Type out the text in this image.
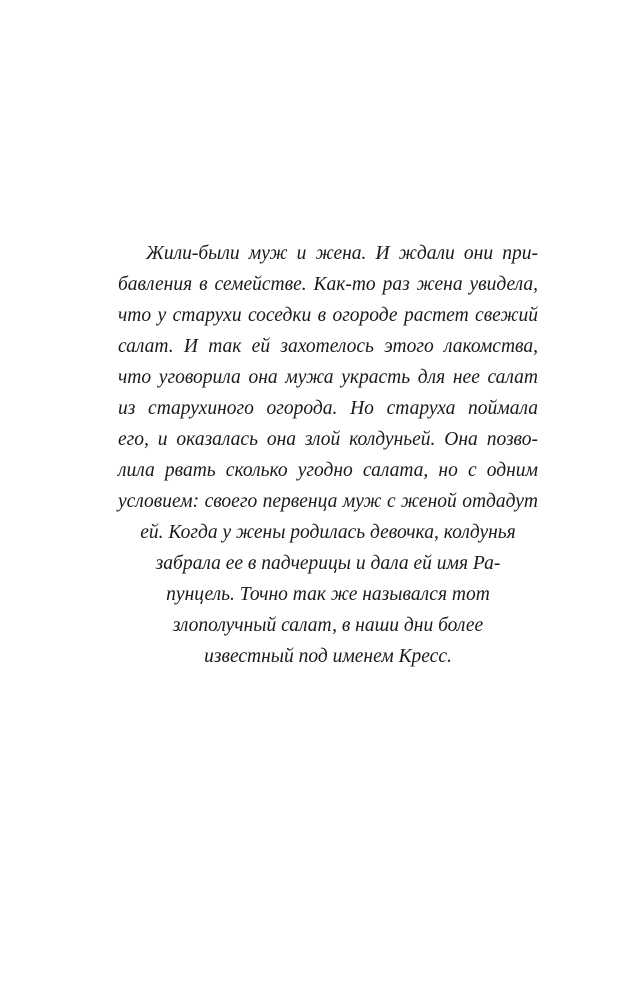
Жили-были муж и жена. И ждали они при-
бавления в семействе. Как-то раз жена увидела,
что у старухи соседки в огороде растет свежий
салат. И так ей захотелось этого лакомства,
что уговорила она мужа украсть для нее салат
из старухиного огорода. Но старуха поймала
его, и оказалась она злой колдуньей. Она позво-
лила рвать сколько угодно салата, но с одним
условием: своего первенца муж с женой отдадут
ей. Когда у жены родилась девочка, колдунья
забрала ее в падчерицы и дала ей имя Ра-
пунцель. Точно так же назывался тот
злополучный салат, в наши дни более
известный под именем Кресс.
